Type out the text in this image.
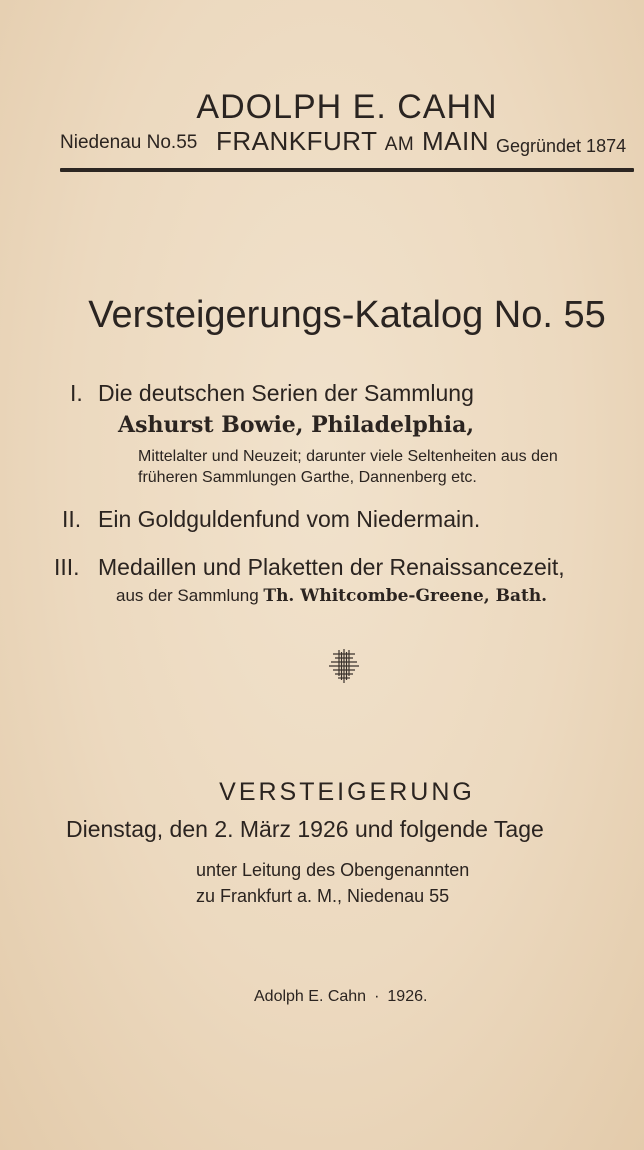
ADOLPH E. CAHN
Niedenau No.55 FRANKFURT AM MAIN Gegründet 1874
Versteigerungs-Katalog No. 55
I. Die deutschen Serien der Sammlung
Ashurst Bowie, Philadelphia,
Mittelalter und Neuzeit; darunter viele Seltenheiten aus den
früheren Sammlungen Garthe, Dannenberg etc.
II. Ein Goldguldenfund vom Niedermain.
III. Medaillen und Plaketten der Renaissancezeit,
aus der Sammlung Th. Whitcombe-Greene, Bath.
VERSTEIGERUNG
Dienstag, den 2. März 1926 und folgende Tage
unter Leitung des Obengenannten
zu Frankfurt a. M., Niedenau 55
Adolph E. Cahn · 1926.
